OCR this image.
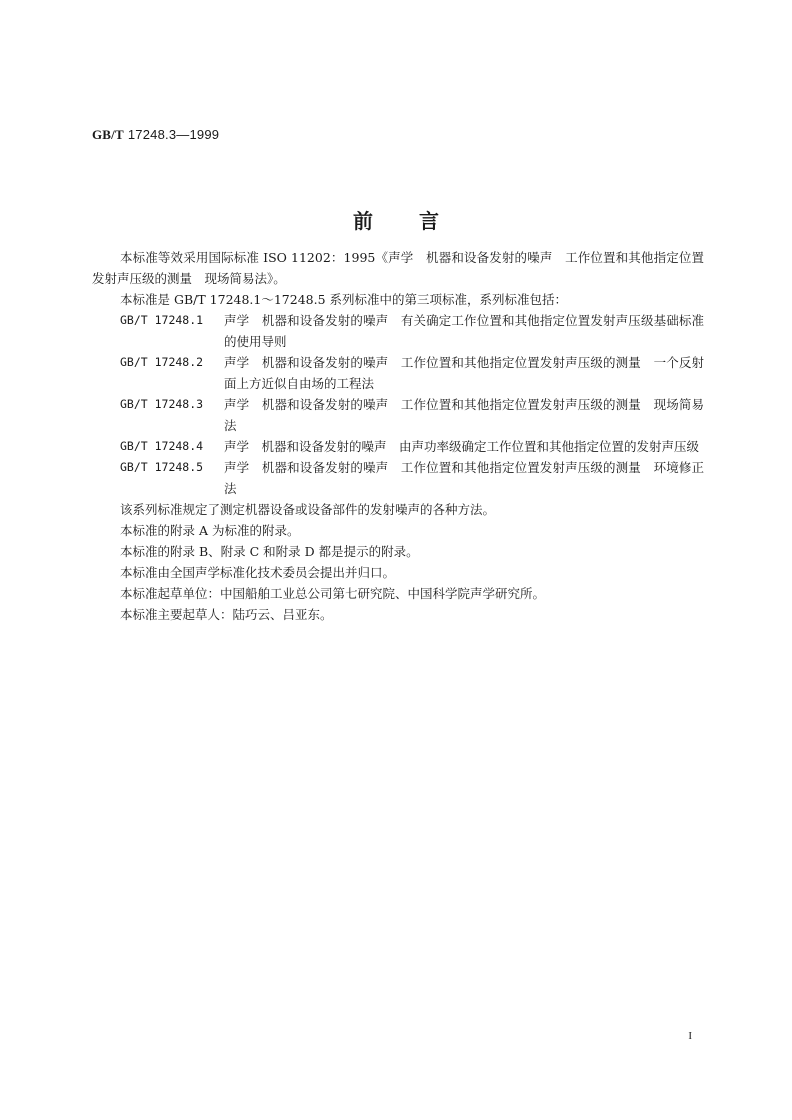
GB/T 17248.3—1999
前言

本标准等效采用国际标准 ISO 11202：1995《声学　机器和设备发射的噪声　工作位置和其他指定位置发射声压级的测量　现场简易法》。

本标准是 GB/T 17248.1～17248.5 系列标准中的第三项标准，系列标准包括：

GB/T 17248.1	声学　机器和设备发射的噪声　有关确定工作位置和其他指定位置发射声压级基础标准的使用导则
GB/T 17248.2	声学　机器和设备发射的噪声　工作位置和其他指定位置发射声压级的测量　一个反射面上方近似自由场的工程法
GB/T 17248.3	声学　机器和设备发射的噪声　工作位置和其他指定位置发射声压级的测量　现场简易法
GB/T 17248.4	声学　机器和设备发射的噪声　由声功率级确定工作位置和其他指定位置的发射声压级
GB/T 17248.5	声学　机器和设备发射的噪声　工作位置和其他指定位置发射声压级的测量　环境修正法

该系列标准规定了测定机器设备或设备部件的发射噪声的各种方法。

本标准的附录 A 为标准的附录。

本标准的附录 B、附录 C 和附录 D 都是提示的附录。

本标准由全国声学标准化技术委员会提出并归口。

本标准起草单位：中国船舶工业总公司第七研究院、中国科学院声学研究所。

本标准主要起草人：陆巧云、吕亚东。

I
